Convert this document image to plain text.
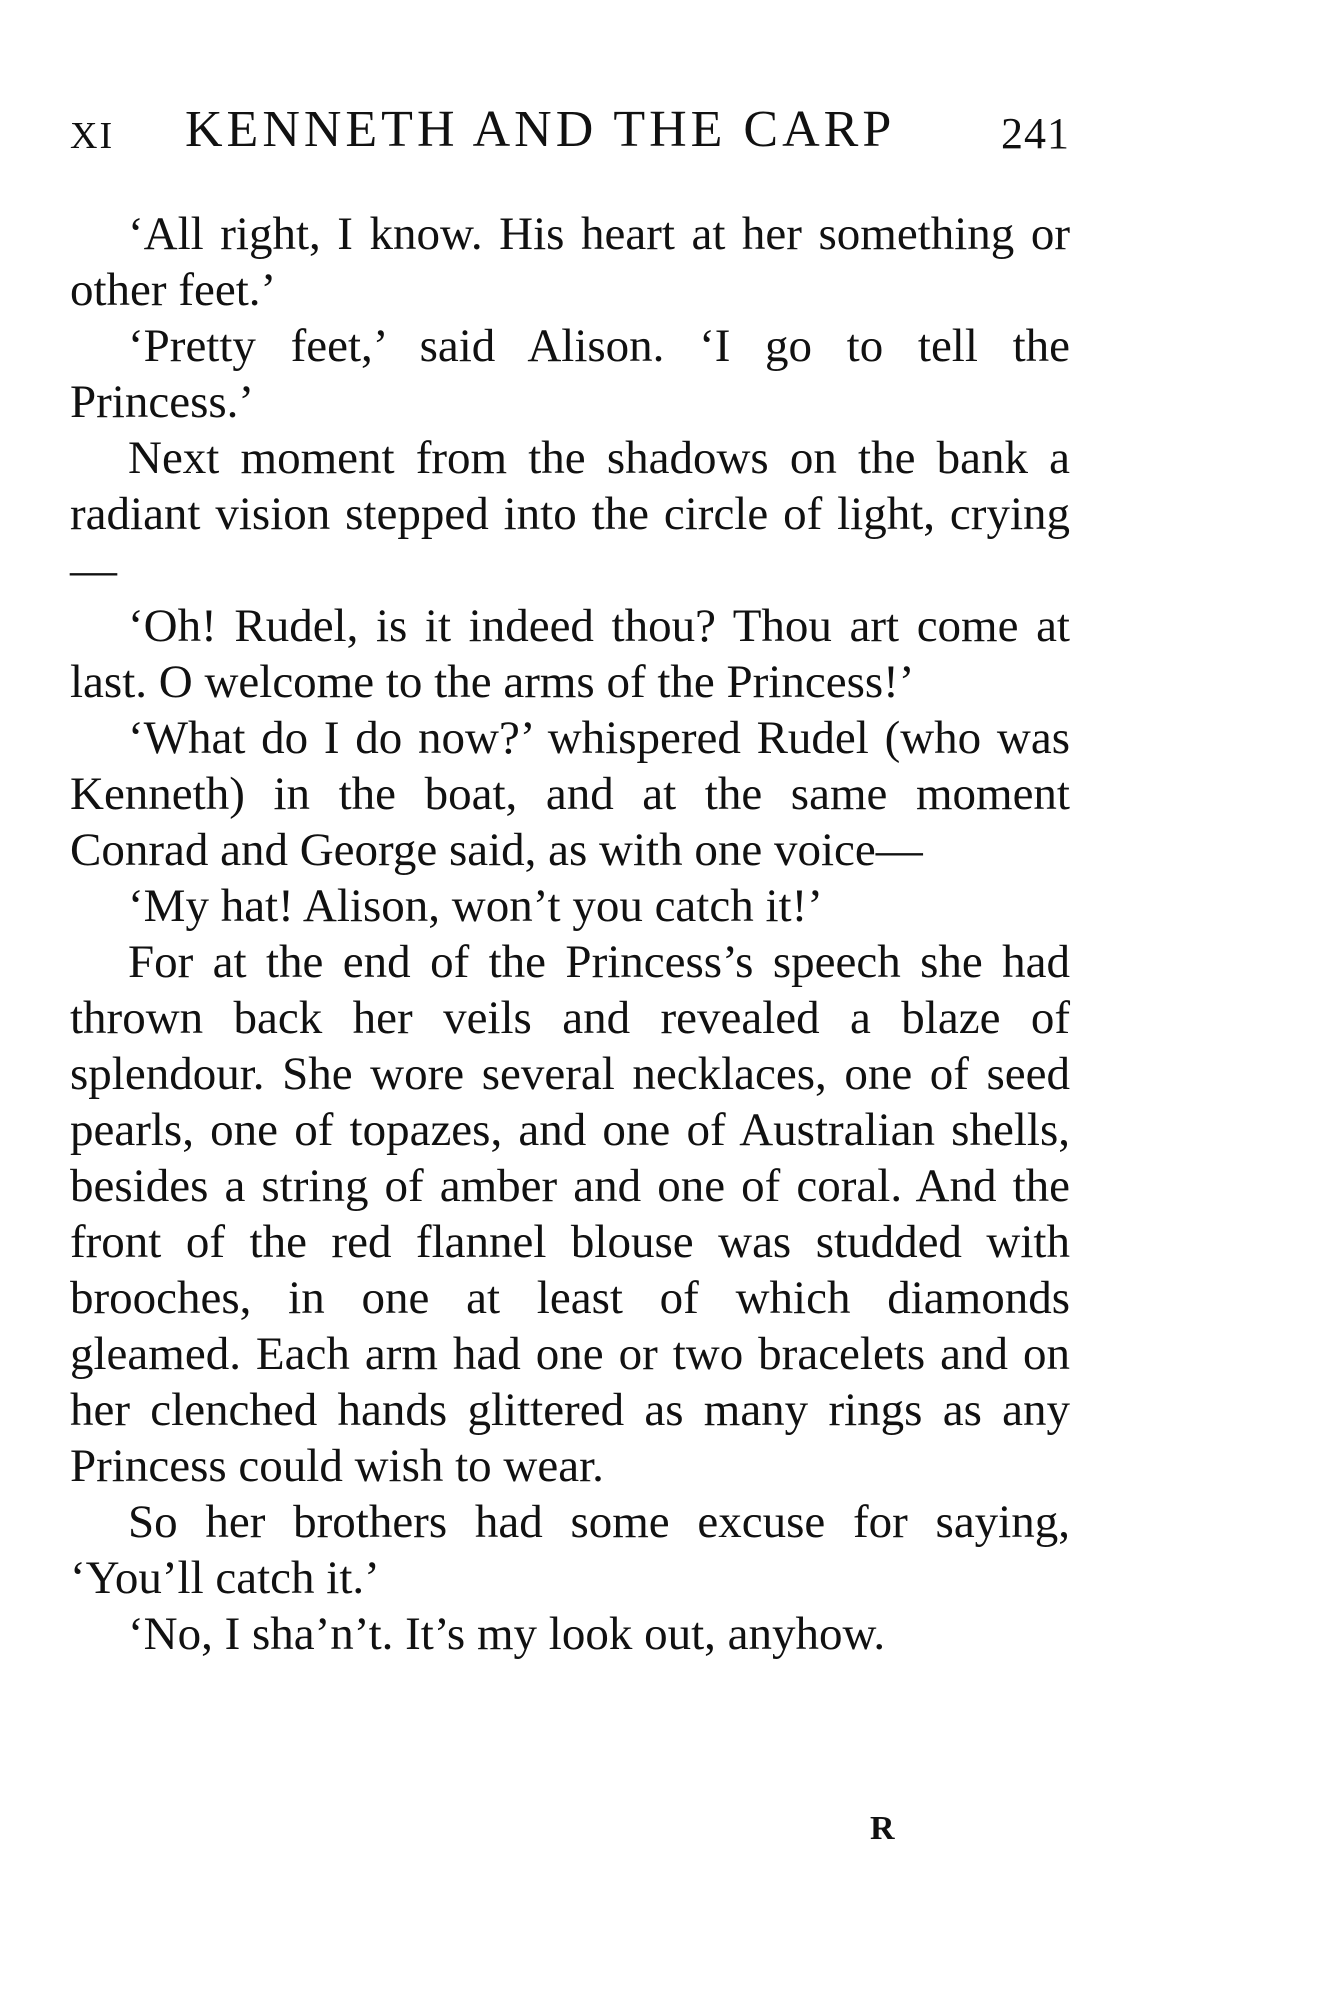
XI KENNETH AND THE CARP 241

‘All right, I know. His heart at her something or other feet.’

‘Pretty feet,’ said Alison. ‘I go to tell the Princess.’

Next moment from the shadows on the bank a radiant vision stepped into the circle of light, crying—

‘Oh! Rudel, is it indeed thou? Thou art come at last. O welcome to the arms of the Princess!’

‘What do I do now?’ whispered Rudel (who was Kenneth) in the boat, and at the same moment Conrad and George said, as with one voice—

‘My hat! Alison, won’t you catch it!’

For at the end of the Princess’s speech she had thrown back her veils and revealed a blaze of splendour. She wore several necklaces, one of seed pearls, one of topazes, and one of Australian shells, besides a string of amber and one of coral. And the front of the red flannel blouse was studded with brooches, in one at least of which diamonds gleamed. Each arm had one or two bracelets and on her clenched hands glittered as many rings as any Princess could wish to wear.

So her brothers had some excuse for saying, ‘You’ll catch it.’

‘No, I sha’n’t. It’s my look out, anyhow.

R
